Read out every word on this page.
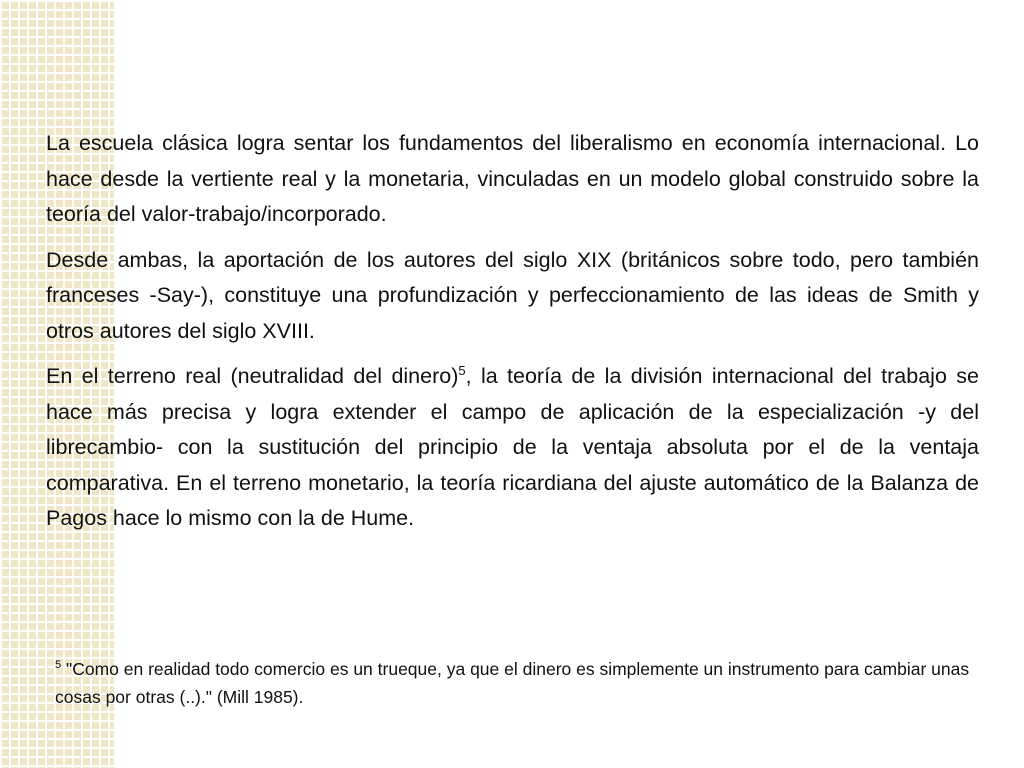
La escuela clásica logra sentar los fundamentos del liberalismo en economía internacional. Lo hace desde la vertiente real y la monetaria, vinculadas en un modelo global construido sobre la teoría del valor-trabajo/incorporado.

Desde ambas, la aportación de los autores del siglo XIX (británicos sobre todo, pero también franceses -Say-), constituye una profundización y perfeccionamiento de las ideas de Smith y otros autores del siglo XVIII.

En el terreno real (neutralidad del dinero)$^5$, la teoría de la división internacional del trabajo se hace más precisa y logra extender el campo de aplicación de la especialización -y del librecambio- con la sustitución del principio de la ventaja absoluta por el de la ventaja comparativa. En el terreno monetario, la teoría ricardiana del ajuste automático de la Balanza de Pagos hace lo mismo con la de Hume.

$^5$ "Como en realidad todo comercio es un trueque, ya que el dinero es simplemente un instrumento para cambiar unas cosas por otras (..)." (Mill 1985).
